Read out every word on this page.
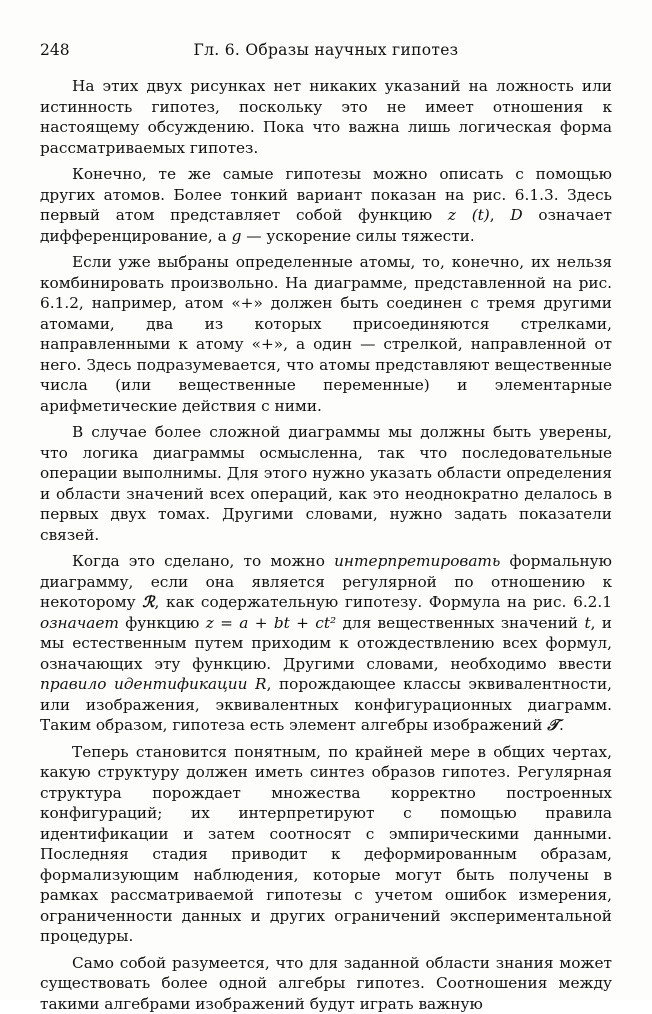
248	Гл. 6. Образы научных гипотез

На этих двух рисунках нет никаких указаний на ложность или истинность гипотез, поскольку это не имеет отношения к настоящему обсуждению. Пока что важна лишь логическая форма рассматриваемых гипотез.

Конечно, те же самые гипотезы можно описать с помощью других атомов. Более тонкий вариант показан на рис. 6.1.3. Здесь первый атом представляет собой функцию z (t), D означает дифференцирование, а g — ускорение силы тяжести.

Если уже выбраны определенные атомы, то, конечно, их нельзя комбинировать произвольно. На диаграмме, представленной на рис. 6.1.2, например, атом «+» должен быть соединен с тремя другими атомами, два из которых присоединяются стрелками, направленными к атому «+», а один — стрелкой, направленной от него. Здесь подразумевается, что атомы представляют вещественные числа (или вещественные переменные) и элементарные арифметические действия с ними.

В случае более сложной диаграммы мы должны быть уверены, что логика диаграммы осмысленна, так что последовательные операции выполнимы. Для этого нужно указать области определения и области значений всех операций, как это неоднократно делалось в первых двух томах. Другими словами, нужно задать показатели связей.

Когда это сделано, то можно интерпретировать формальную диаграмму, если она является регулярной по отношению к некоторому ℛ, как содержательную гипотезу. Формула на рис. 6.2.1 означает функцию z = a + bt + ct² для вещественных значений t, и мы естественным путем приходим к отождествлению всех формул, означающих эту функцию. Другими словами, необходимо ввести правило идентификации R, порождающее классы эквивалентности, или изображения, эквивалентных конфигурационных диаграмм. Таким образом, гипотеза есть элемент алгебры изображений 𝒯.

Теперь становится понятным, по крайней мере в общих чертах, какую структуру должен иметь синтез образов гипотез. Регулярная структура порождает множества корректно построенных конфигураций; их интерпретируют с помощью правила идентификации и затем соотносят с эмпирическими данными. Последняя стадия приводит к деформированным образам, формализующим наблюдения, которые могут быть получены в рамках рассматриваемой гипотезы с учетом ошибок измерения, ограниченности данных и других ограничений экспериментальной процедуры.

Само собой разумеется, что для заданной области знания может существовать более одной алгебры гипотез. Соотношения между такими алгебрами изображений будут играть важную
